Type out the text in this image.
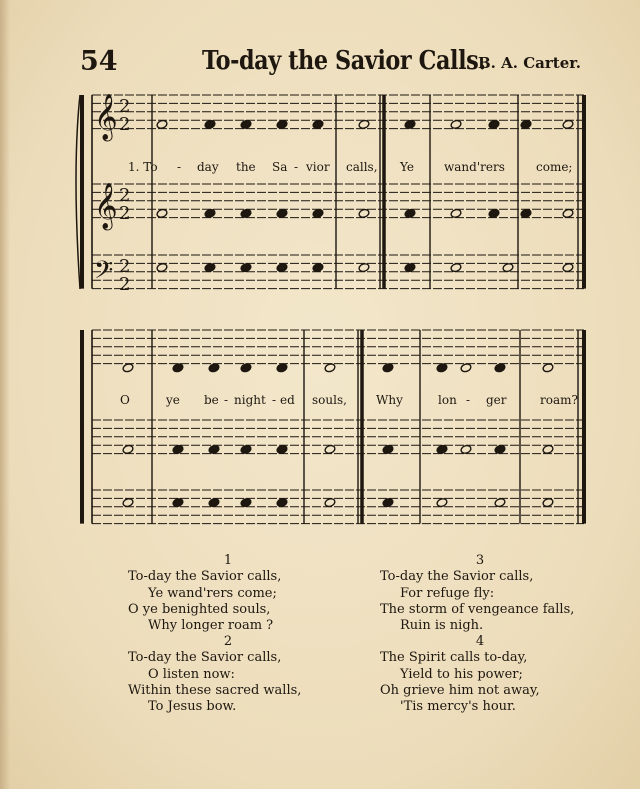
54	To-day the Savior Calls.
B. A. Carter.
𝄞
𝄞
𝄢
2
2
2
2
2
2
1. To - day the Sa - vior calls, Ye	wand'rers	come;
O	ye be - night - ed souls, Why	lon - ger	roam?
1
To-day the Savior calls,
Ye wand'rers come;
O ye benighted souls,
Why longer roam ?
2
To-day the Savior calls,
O listen now:
Within these sacred walls,
To Jesus bow.
3
To-day the Savior calls,
For refuge fly:
The storm of vengeance falls,
Ruin is nigh.
4
The Spirit calls to-day,
Yield to his power;
Oh grieve him not away,
'Tis mercy's hour.
